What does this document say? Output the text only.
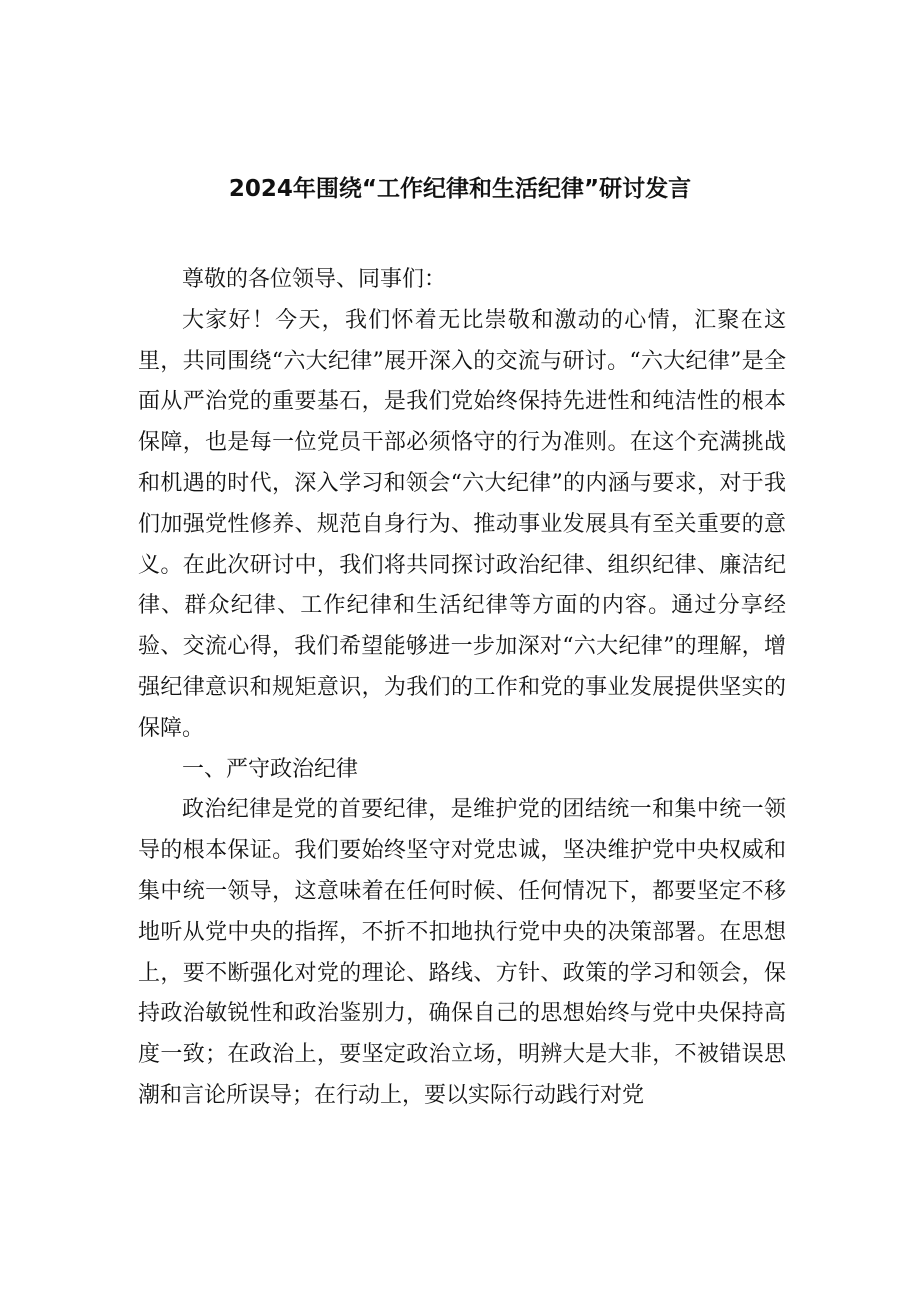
2024年围绕“工作纪律和生活纪律”研讨发言

尊敬的各位领导、同事们：

大家好！今天，我们怀着无比崇敬和激动的心情，汇聚在这里，共同围绕“六大纪律”展开深入的交流与研讨。“六大纪律”是全面从严治党的重要基石，是我们党始终保持先进性和纯洁性的根本保障，也是每一位党员干部必须恪守的行为准则。在这个充满挑战和机遇的时代，深入学习和领会“六大纪律”的内涵与要求，对于我们加强党性修养、规范自身行为、推动事业发展具有至关重要的意义。在此次研讨中，我们将共同探讨政治纪律、组织纪律、廉洁纪律、群众纪律、工作纪律和生活纪律等方面的内容。通过分享经验、交流心得，我们希望能够进一步加深对“六大纪律”的理解，增强纪律意识和规矩意识，为我们的工作和党的事业发展提供坚实的保障。

一、严守政治纪律

政治纪律是党的首要纪律，是维护党的团结统一和集中统一领导的根本保证。我们要始终坚守对党忠诚，坚决维护党中央权威和集中统一领导，这意味着在任何时候、任何情况下，都要坚定不移地听从党中央的指挥，不折不扣地执行党中央的决策部署。在思想上，要不断强化对党的理论、路线、方针、政策的学习和领会，保持政治敏锐性和政治鉴别力，确保自己的思想始终与党中央保持高度一致；在政治上，要坚定政治立场，明辨大是大非，不被错误思潮和言论所误导；在行动上，要以实际行动践行对党
